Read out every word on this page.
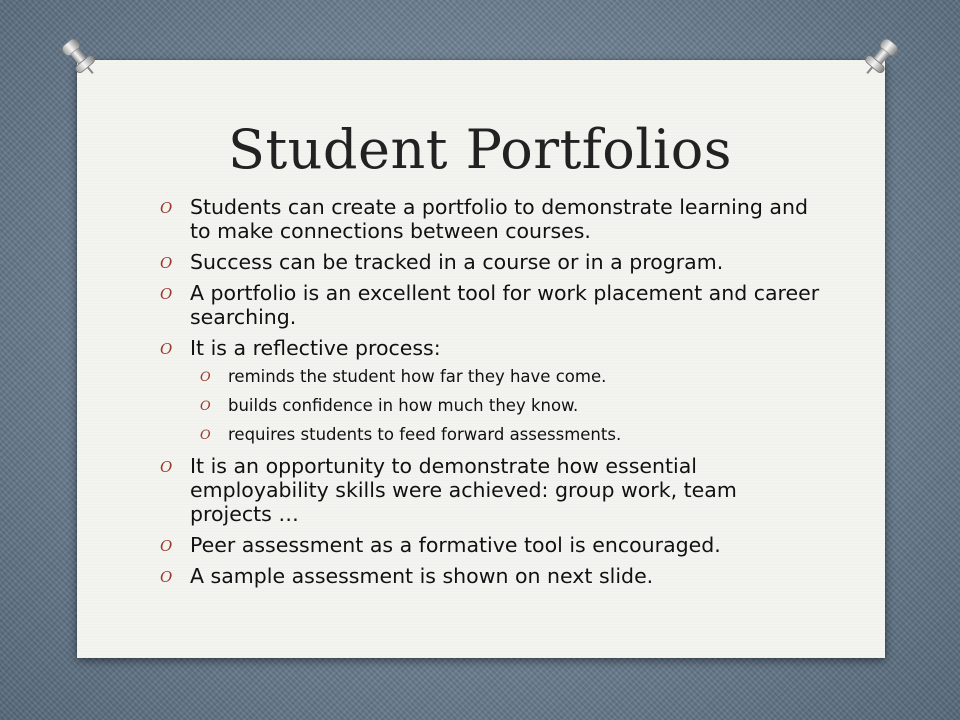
Student Portfolios
O Students can create a portfolio to demonstrate learning and to make connections between courses.
O Success can be tracked in a course or in a program.
O A portfolio is an excellent tool for work placement and career searching.
O It is a reflective process:
O reminds the student how far they have come.
O builds confidence in how much they know.
O requires students to feed forward assessments.
O It is an opportunity to demonstrate how essential employability skills were achieved: group work, team projects …
O Peer assessment as a formative tool is encouraged.
O A sample assessment is shown on next slide.
